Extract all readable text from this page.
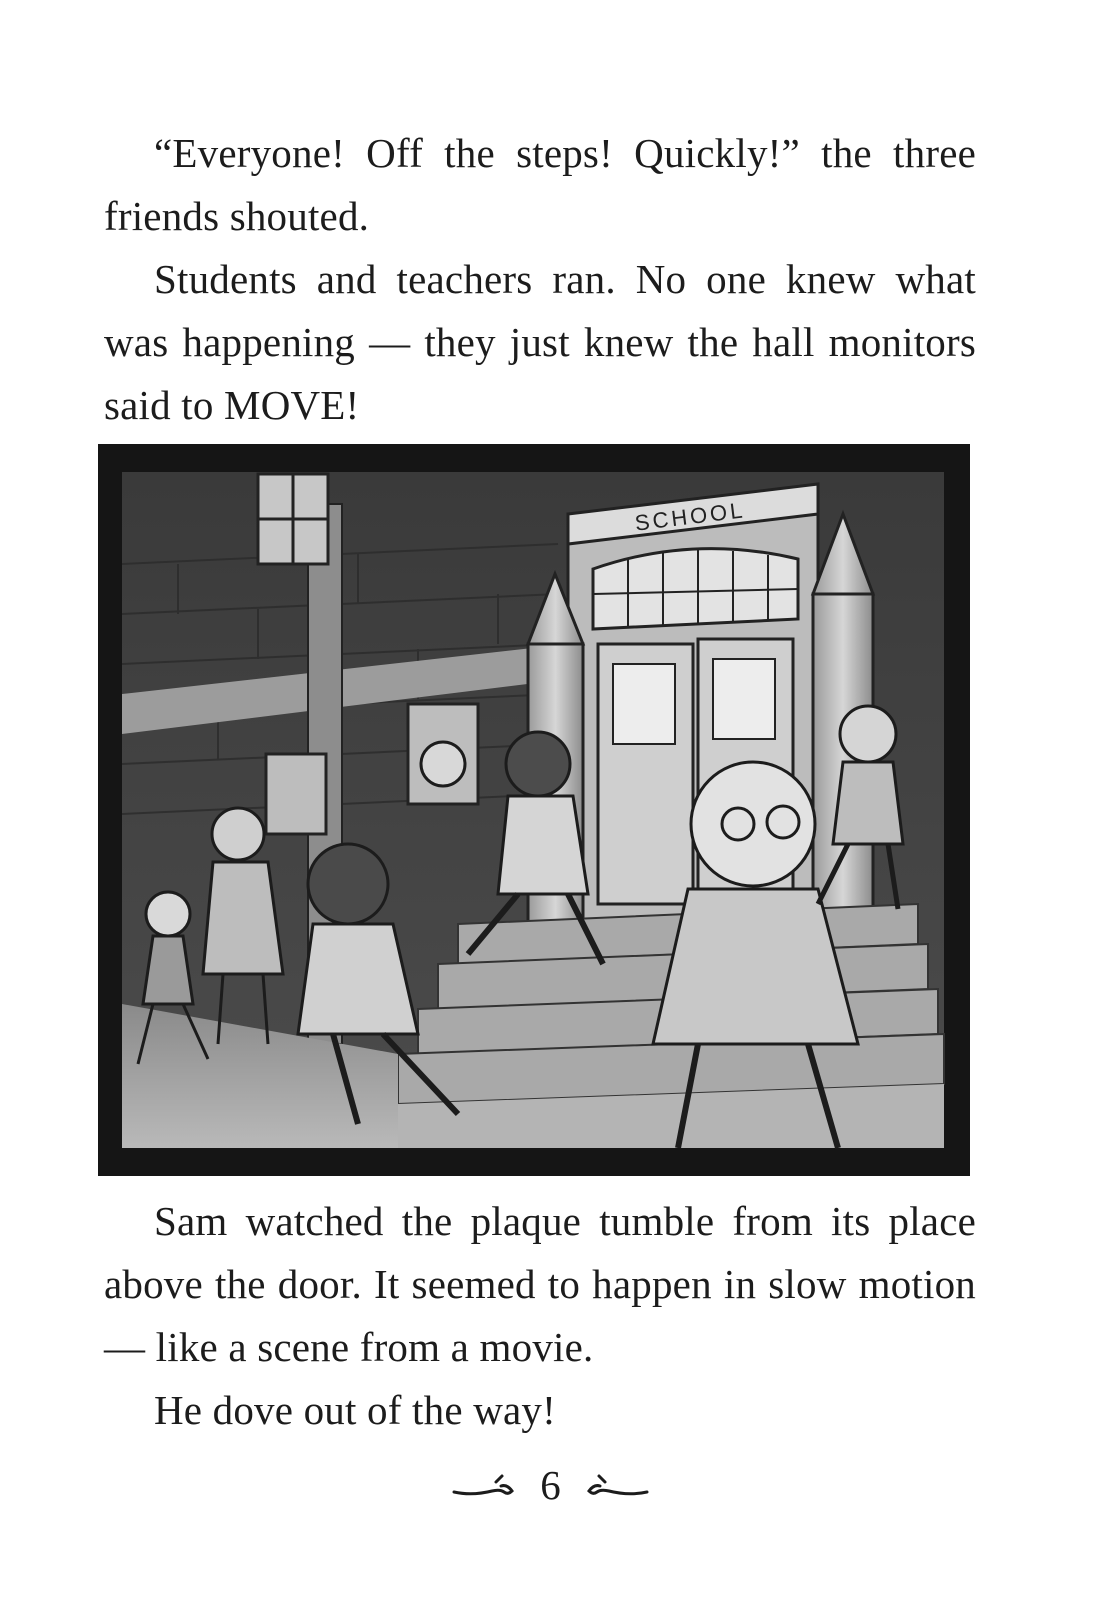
“Everyone! Off the steps! Quickly!” the three friends shouted.

Students and teachers ran. No one knew what was happening — they just knew the hall monitors said to MOVE!

SCHOOL

Sam watched the plaque tumble from its place above the door. It seemed to happen in slow motion — like a scene from a movie.

He dove out of the way!

6
